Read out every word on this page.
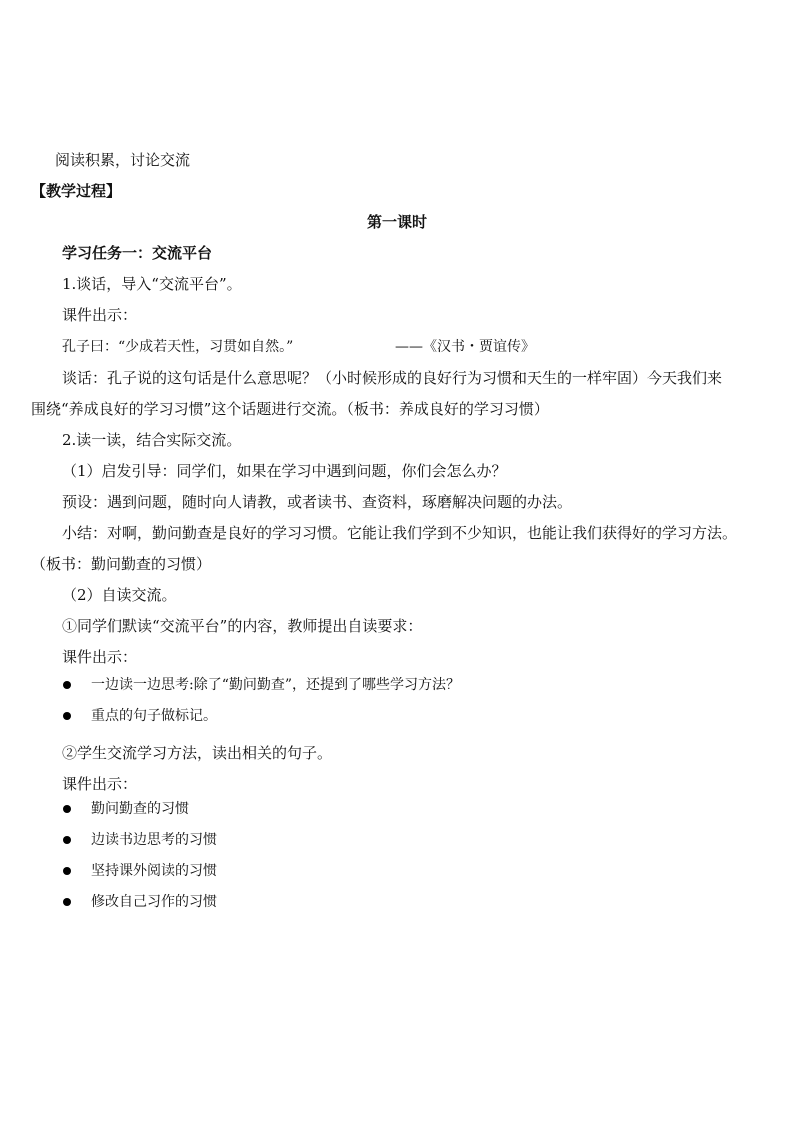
阅读积累，讨论交流
【教学过程】
第一课时
学习任务一：交流平台
1.谈话，导入“交流平台”。
课件出示：
孔子曰：“少成若天性，习贯如自然。”	——《汉书・贾谊传》
谈话：孔子说的这句话是什么意思呢？（小时候形成的良好行为习惯和天生的一样牢固）今天我们来
围绕“养成良好的学习习惯”这个话题进行交流。（板书：养成良好的学习习惯）
2.读一读，结合实际交流。
（1）启发引导：同学们，如果在学习中遇到问题，你们会怎么办？
预设：遇到问题，随时向人请教，或者读书、查资料，琢磨解决问题的办法。
小结：对啊，勤问勤查是良好的学习习惯。它能让我们学到不少知识，也能让我们获得好的学习方法。
（板书：勤问勤查的习惯）
（2）自读交流。
①同学们默读“交流平台”的内容，教师提出自读要求：
课件出示：
一边读一边思考:除了“勤问勤查”，还提到了哪些学习方法？
重点的句子做标记。
②学生交流学习方法，读出相关的句子。
课件出示：
勤问勤查的习惯
边读书边思考的习惯
坚持课外阅读的习惯
修改自己习作的习惯
